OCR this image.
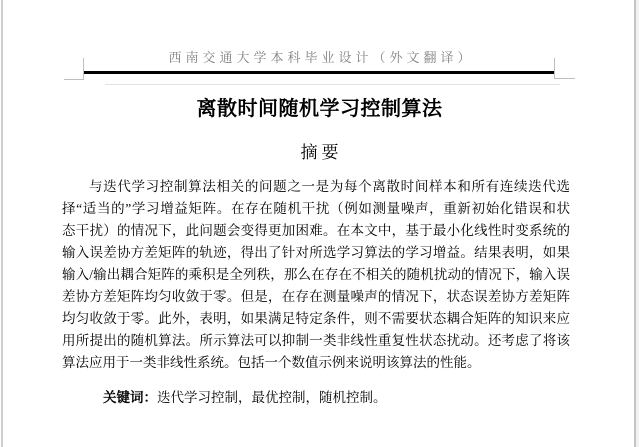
西南交通大学本科毕业设计（外文翻译）
离散时间随机学习控制算法
摘要
与迭代学习控制算法相关的问题之一是为每个离散时间样本和所有连续迭代选
择“适当的”学习增益矩阵。在存在随机干扰（例如测量噪声，重新初始化错误和状
态干扰）的情况下，此问题会变得更加困难。在本文中，基于最小化线性时变系统的
输入误差协方差矩阵的轨迹，得出了针对所选学习算法的学习增益。结果表明，如果
输入/输出耦合矩阵的乘积是全列秩，那么在存在不相关的随机扰动的情况下，输入误
差协方差矩阵均匀收敛于零。但是，在存在测量噪声的情况下，状态误差协方差矩阵
均匀收敛于零。此外，表明，如果满足特定条件，则不需要状态耦合矩阵的知识来应
用所提出的随机算法。所示算法可以抑制一类非线性重复性状态扰动。还考虑了将该
算法应用于一类非线性系统。包括一个数值示例来说明该算法的性能。
关键词：迭代学习控制，最优控制，随机控制。
